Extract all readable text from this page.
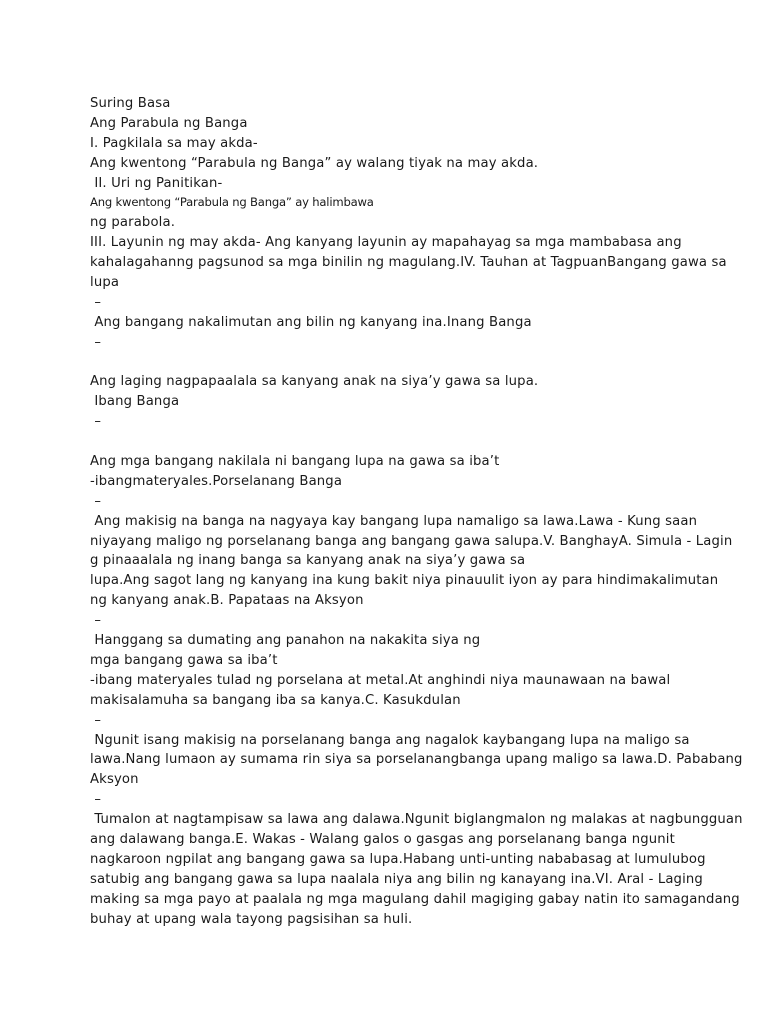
Suring Basa
Ang Parabula ng Banga
I. Pagkilala sa may akda-
Ang kwentong “Parabula ng Banga” ay walang tiyak na may akda.
II. Uri ng Panitikan-
Ang kwentong “Parabula ng Banga” ay halimbawa
ng parabola.
III. Layunin ng may akda- Ang kanyang layunin ay mapahayag sa mga mambabasa ang
kahalagahanng pagsunod sa mga binilin ng magulang.IV. Tauhan at TagpuanBangang gawa sa
lupa
–
Ang bangang nakalimutan ang bilin ng kanyang ina.Inang Banga
–
Ang laging nagpapaalala sa kanyang anak na siya’y gawa sa lupa.
Ibang Banga
–
Ang mga bangang nakilala ni bangang lupa na gawa sa iba’t
-ibangmateryales.Porselanang Banga
–
Ang makisig na banga na nagyaya kay bangang lupa namaligo sa lawa.Lawa - Kung saan
niyayang maligo ng porselanang banga ang bangang gawa salupa.V. BanghayA. Simula - Lagin
g pinaaalala ng inang banga sa kanyang anak na siya’y gawa sa
lupa.Ang sagot lang ng kanyang ina kung bakit niya pinauulit iyon ay para hindimakalimutan
ng kanyang anak.B. Papataas na Aksyon
–
Hanggang sa dumating ang panahon na nakakita siya ng
mga bangang gawa sa iba’t
-ibang materyales tulad ng porselana at metal.At anghindi niya maunawaan na bawal
makisalamuha sa bangang iba sa kanya.C. Kasukdulan
–
Ngunit isang makisig na porselanang banga ang nagalok kaybangang lupa na maligo sa
lawa.Nang lumaon ay sumama rin siya sa porselanangbanga upang maligo sa lawa.D. Pababang
Aksyon
–
Tumalon at nagtampisaw sa lawa ang dalawa.Ngunit biglangmalon ng malakas at nagbungguan
ang dalawang banga.E. Wakas - Walang galos o gasgas ang porselanang banga ngunit
nagkaroon ngpilat ang bangang gawa sa lupa.Habang unti-unting nababasag at lumulubog
satubig ang bangang gawa sa lupa naalala niya ang bilin ng kanayang ina.VI. Aral - Laging
making sa mga payo at paalala ng mga magulang dahil magiging gabay natin ito samagandang
buhay at upang wala tayong pagsisihan sa huli.
